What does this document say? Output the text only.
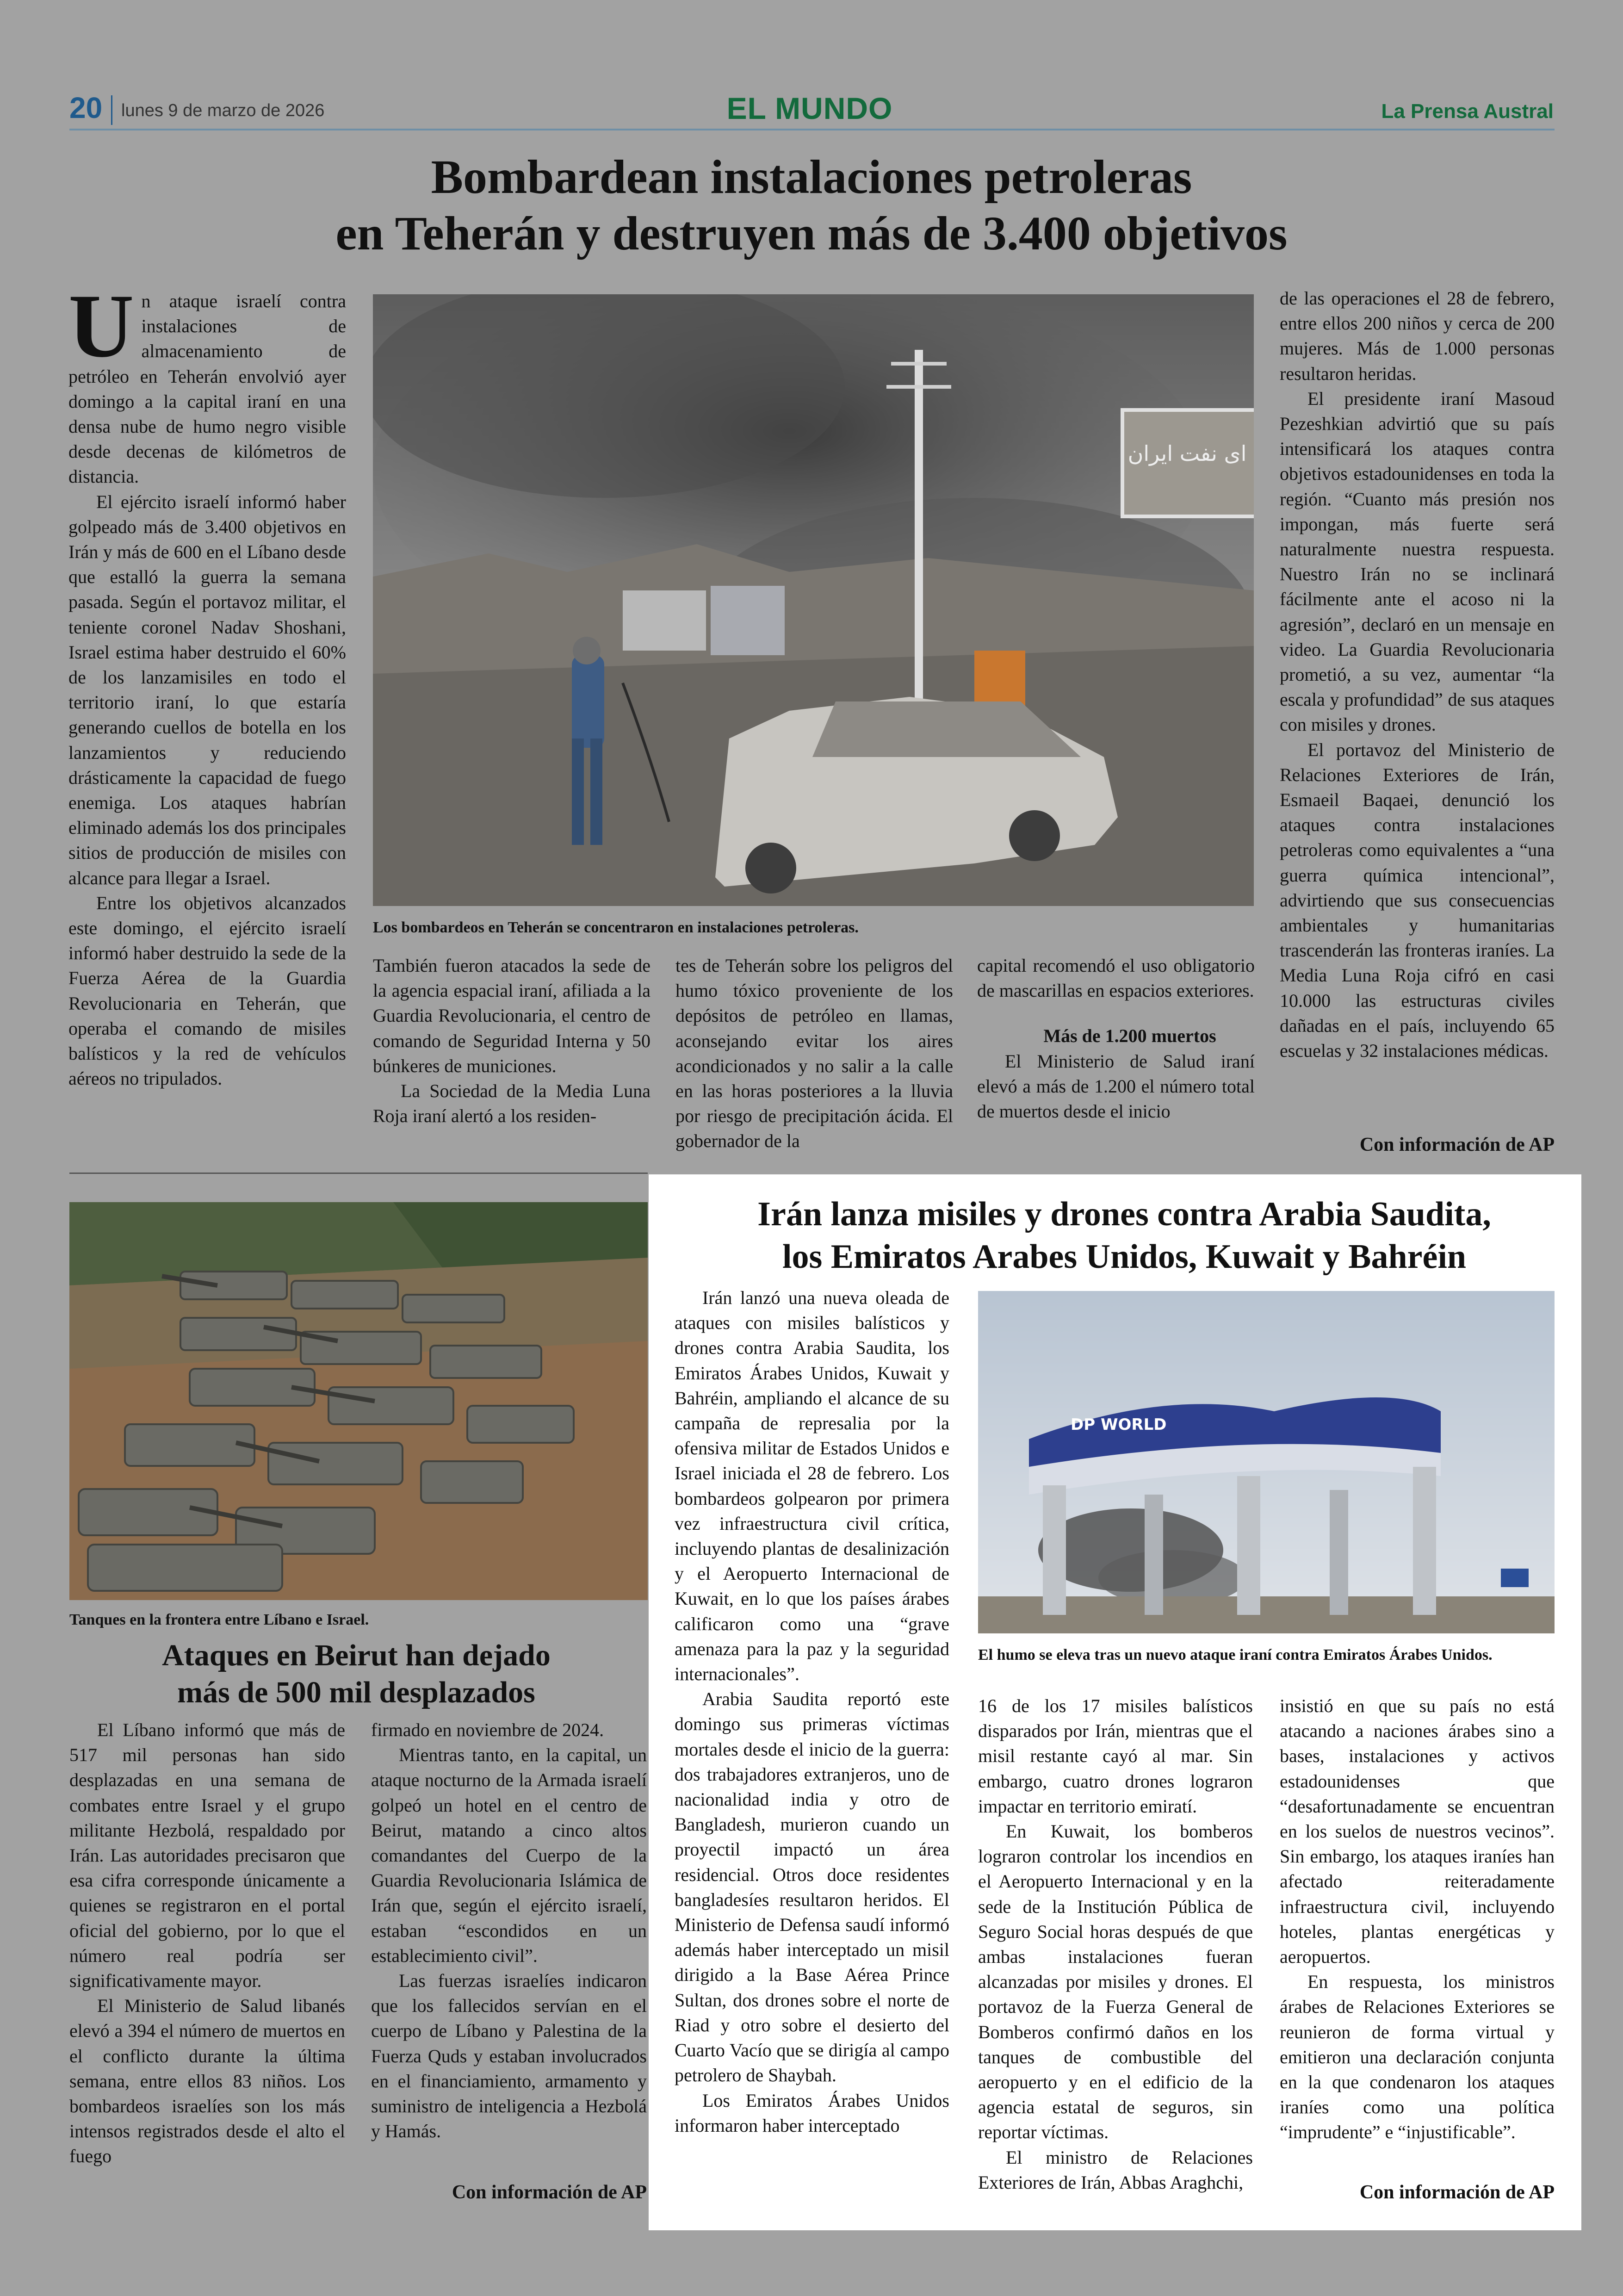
20 lunes 9 de marzo de 2026	EL MUNDO	La Prensa Austral
Bombardean instalaciones petroleras
en Teherán y destruyen más de 3.400 objetivos

Un ataque israelí contra instalaciones de almacenamiento de petróleo en Teherán envolvió ayer domingo a la capital iraní en una densa nube de humo negro visible desde decenas de kilómetros de distancia.

El ejército israelí informó haber golpeado más de 3.400 objetivos en Irán y más de 600 en el Líbano desde que estalló la guerra la semana pasada. Según el portavoz militar, el teniente coronel Nadav Shoshani, Israel estima haber destruido el 60% de los lanzamisiles en todo el territorio iraní, lo que estaría generando cuellos de botella en los lanzamientos y reduciendo drásticamente la capacidad de fuego enemiga. Los ataques habrían eliminado además los dos principales sitios de producción de misiles con alcance para llegar a Israel.

Entre los objetivos alcanzados este domingo, el ejército israelí informó haber destruido la sede de la Fuerza Aérea de la Guardia Revolucionaria en Teherán, que operaba el comando de misiles balísticos y la red de vehículos aéreos no tripulados.

ای نفت ایران
Los bombardeos en Teherán se concentraron en instalaciones petroleras.

También fueron atacados la sede de la agencia espacial iraní, afiliada a la Guardia Revolucionaria, el centro de comando de Seguridad Interna y 50 búnkeres de municiones.

La Sociedad de la Media Luna Roja iraní alertó a los residen-

tes de Teherán sobre los peligros del humo tóxico proveniente de los depósitos de petróleo en llamas, aconsejando evitar los aires acondicionados y no salir a la calle en las horas posteriores a la lluvia por riesgo de precipitación ácida. El gobernador de la

capital recomendó el uso obligatorio de mascarillas en espacios exteriores.

Más de 1.200 muertos

El Ministerio de Salud iraní elevó a más de 1.200 el número total de muertos desde el inicio

de las operaciones el 28 de febrero, entre ellos 200 niños y cerca de 200 mujeres. Más de 1.000 personas resultaron heridas.

El presidente iraní Masoud Pezeshkian advirtió que su país intensificará los ataques contra objetivos estadounidenses en toda la región. “Cuanto más presión nos impongan, más fuerte será naturalmente nuestra respuesta. Nuestro Irán no se inclinará fácilmente ante el acoso ni la agresión”, declaró en un mensaje en video. La Guardia Revolucionaria prometió, a su vez, aumentar “la escala y profundidad” de sus ataques con misiles y drones.

El portavoz del Ministerio de Relaciones Exteriores de Irán, Esmaeil Baqaei, denunció los ataques contra instalaciones petroleras como equivalentes a “una guerra química intencional”, advirtiendo que sus consecuencias ambientales y humanitarias trascenderán las fronteras iraníes. La Media Luna Roja cifró en casi 10.000 las estructuras civiles dañadas en el país, incluyendo 65 escuelas y 32 instalaciones médicas.

Con información de AP
Tanques en la frontera entre Líbano e Israel.
Ataques en Beirut han dejado
más de 500 mil desplazados

El Líbano informó que más de 517 mil personas han sido desplazadas en una semana de combates entre Israel y el grupo militante Hezbolá, respaldado por Irán. Las autoridades precisaron que esa cifra corresponde únicamente a quienes se registraron en el portal oficial del gobierno, por lo que el número real podría ser significativamente mayor.

El Ministerio de Salud libanés elevó a 394 el número de muertos en el conflicto durante la última semana, entre ellos 83 niños. Los bombardeos israelíes son los más intensos registrados desde el alto el fuego

firmado en noviembre de 2024.

Mientras tanto, en la capital, un ataque nocturno de la Armada israelí golpeó un hotel en el centro de Beirut, matando a cinco altos comandantes del Cuerpo de la Guardia Revolucionaria Islámica de Irán que, según el ejército israelí, estaban “escondidos en un establecimiento civil”.

Las fuerzas israelíes indicaron que los fallecidos servían en el cuerpo de Líbano y Palestina de la Fuerza Quds y estaban involucrados en el financiamiento, armamento y suministro de inteligencia a Hezbolá y Hamás.

Con información de AP
Irán lanza misiles y drones contra Arabia Saudita,
los Emiratos Arabes Unidos, Kuwait y Bahréin

Irán lanzó una nueva oleada de ataques con misiles balísticos y drones contra Arabia Saudita, los Emiratos Árabes Unidos, Kuwait y Bahréin, ampliando el alcance de su campaña de represalia por la ofensiva militar de Estados Unidos e Israel iniciada el 28 de febrero. Los bombardeos golpearon por primera vez infraestructura civil crítica, incluyendo plantas de desalinización y el Aeropuerto Internacional de Kuwait, en lo que los países árabes calificaron como una “grave amenaza para la paz y la seguridad internacionales”.

Arabia Saudita reportó este domingo sus primeras víctimas mortales desde el inicio de la guerra: dos trabajadores extranjeros, uno de nacionalidad india y otro de Bangladesh, murieron cuando un proyectil impactó un área residencial. Otros doce residentes bangladesíes resultaron heridos. El Ministerio de Defensa saudí informó además haber interceptado un misil dirigido a la Base Aérea Prince Sultan, dos drones sobre el norte de Riad y otro sobre el desierto del Cuarto Vacío que se dirigía al campo petrolero de Shaybah.

Los Emiratos Árabes Unidos informaron haber interceptado

DP WORLD
El humo se eleva tras un nuevo ataque iraní contra Emiratos Árabes Unidos.

16 de los 17 misiles balísticos disparados por Irán, mientras que el misil restante cayó al mar. Sin embargo, cuatro drones lograron impactar en territorio emiratí.

En Kuwait, los bomberos lograron controlar los incendios en el Aeropuerto Internacional y en la sede de la Institución Pública de Seguro Social horas después de que ambas instalaciones fueran alcanzadas por misiles y drones. El portavoz de la Fuerza General de Bomberos confirmó daños en los tanques de combustible del aeropuerto y en el edificio de la agencia estatal de seguros, sin reportar víctimas.

El ministro de Relaciones Exteriores de Irán, Abbas Araghchi,

insistió en que su país no está atacando a naciones árabes sino a bases, instalaciones y activos estadounidenses que “desafortunadamente se encuentran en los suelos de nuestros vecinos”. Sin embargo, los ataques iraníes han afectado reiteradamente infraestructura civil, incluyendo hoteles, plantas energéticas y aeropuertos.

En respuesta, los ministros árabes de Relaciones Exteriores se reunieron de forma virtual y emitieron una declaración conjunta en la que condenaron los ataques iraníes como una política “imprudente” e “injustificable”.

Con información de AP
